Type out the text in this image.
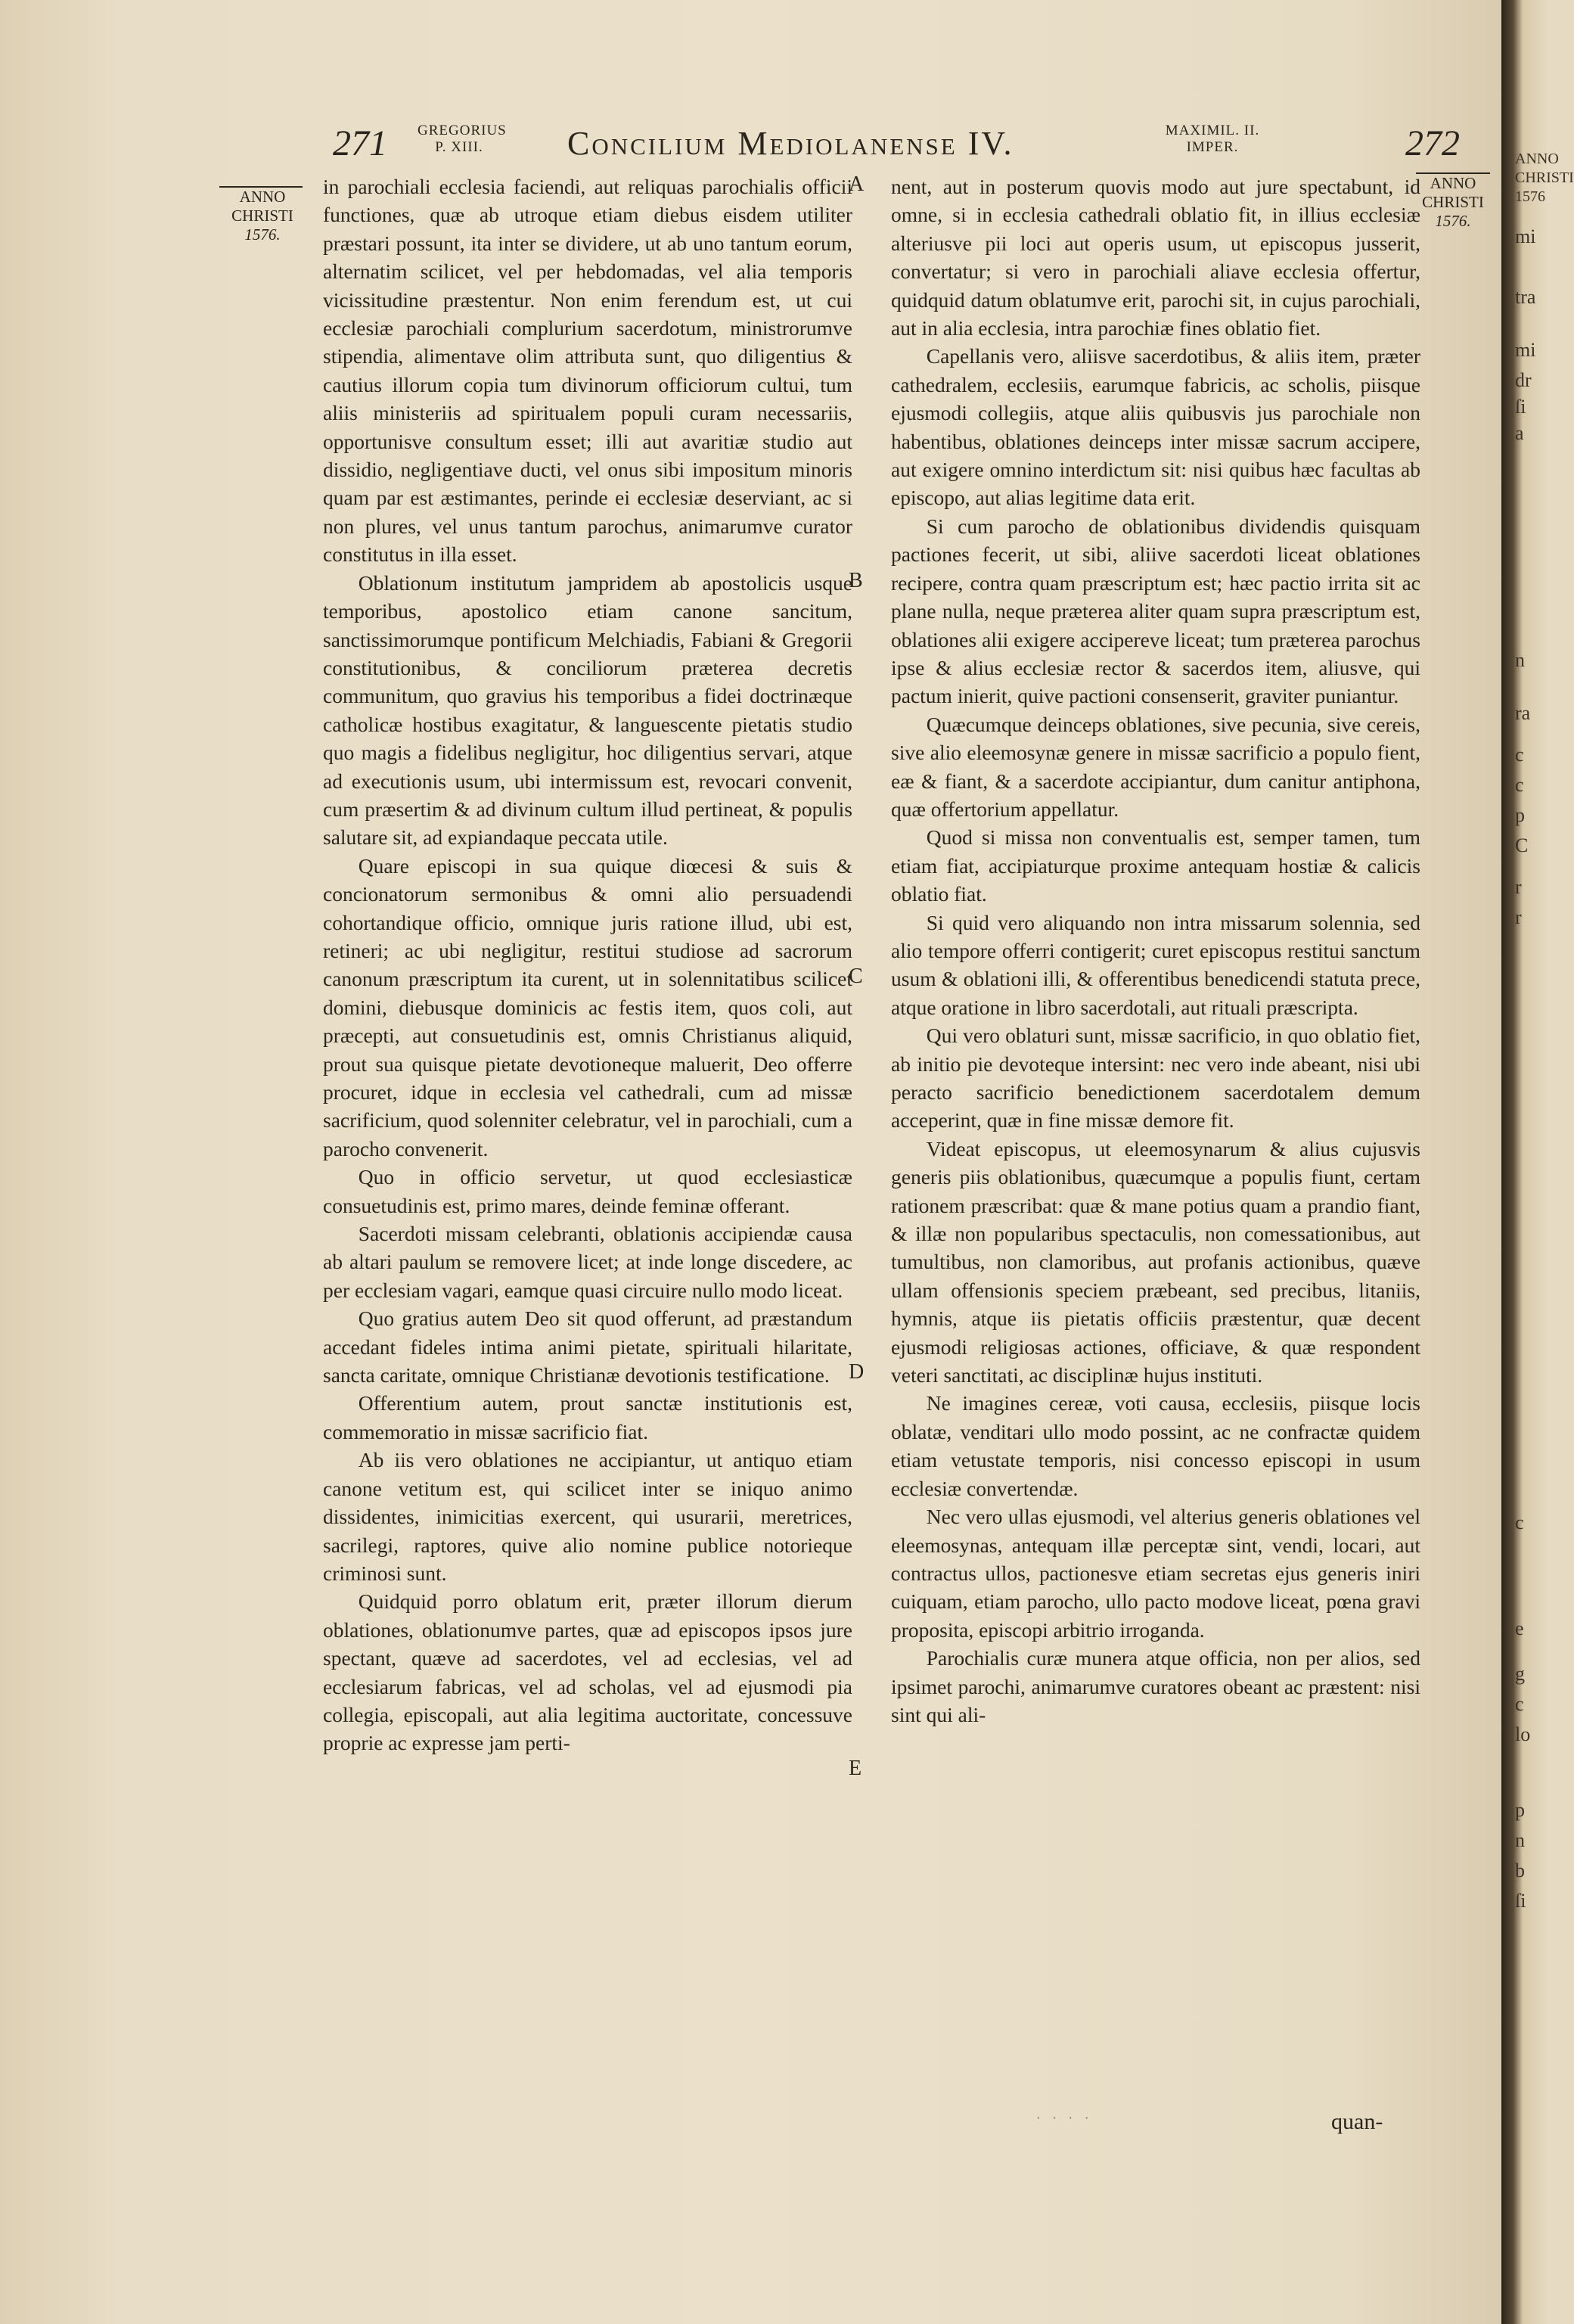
271 GREGORIUS
P. XIII.	Concilium Mediolanense IV.	MAXIMIL. II.
IMPER.	272
ANNO
CHRISTI
1576.
ANNO
CHRISTI
1576.

in parochiali ecclesia faciendi, aut reliquas parochialis officii functiones, quæ ab utroque etiam diebus eisdem utiliter præstari possunt, ita inter se dividere, ut ab uno tantum eorum, alternatim scilicet, vel per hebdomadas, vel alia temporis vicissitudine præstentur. Non enim ferendum est, ut cui ecclesiæ parochiali complurium sacerdotum, ministrorumve stipendia, alimentave olim attributa sunt, quo diligentius & cautius illorum copia tum divinorum officiorum cultui, tum aliis ministeriis ad spiritualem populi curam necessariis, opportunisve consultum esset; illi aut avaritiæ studio aut dissidio, negligentiave ducti, vel onus sibi impositum minoris quam par est æstimantes, perinde ei ecclesiæ deserviant, ac si non plures, vel unus tantum parochus, animarumve curator constitutus in illa esset.

Oblationum institutum jampridem ab apostolicis usque temporibus, apostolico etiam canone sancitum, sanctissimorumque pontificum Melchiadis, Fabiani & Gregorii constitutionibus, & conciliorum præterea decretis communitum, quo gravius his temporibus a fidei doctrinæque catholicæ hostibus exagitatur, & languescente pietatis studio quo magis a fidelibus negligitur, hoc diligentius servari, atque ad executionis usum, ubi intermissum est, revocari convenit, cum præsertim & ad divinum cultum illud pertineat, & populis salutare sit, ad expiandaque peccata utile.

Quare episcopi in sua quique diœcesi & suis & concionatorum sermonibus & omni alio persuadendi cohortandique officio, omnique juris ratione illud, ubi est, retineri; ac ubi negligitur, restitui studiose ad sacrorum canonum præscriptum ita curent, ut in solennitatibus scilicet domini, diebusque dominicis ac festis item, quos coli, aut præcepti, aut consuetudinis est, omnis Christianus aliquid, prout sua quisque pietate devotioneque maluerit, Deo offerre procuret, idque in ecclesia vel cathedrali, cum ad missæ sacrificium, quod solenniter celebratur, vel in parochiali, cum a parocho convenerit.

Quo in officio servetur, ut quod ecclesiasticæ consuetudinis est, primo mares, deinde feminæ offerant.

Sacerdoti missam celebranti, oblationis accipiendæ causa ab altari paulum se removere licet; at inde longe discedere, ac per ecclesiam vagari, eamque quasi circuire nullo modo liceat.

Quo gratius autem Deo sit quod offerunt, ad præstandum accedant fideles intima animi pietate, spirituali hilaritate, sancta caritate, omnique Christianæ devotionis testificatione.

Offerentium autem, prout sanctæ institutionis est, commemoratio in missæ sacrificio fiat.

Ab iis vero oblationes ne accipiantur, ut antiquo etiam canone vetitum est, qui scilicet inter se iniquo animo dissidentes, inimicitias exercent, qui usurarii, meretrices, sacrilegi, raptores, quive alio nomine publice notorieque criminosi sunt.

Quidquid porro oblatum erit, præter illorum dierum oblationes, oblationumve partes, quæ ad episcopos ipsos jure spectant, quæve ad sacerdotes, vel ad ecclesias, vel ad ecclesiarum fabricas, vel ad scholas, vel ad ejusmodi pia collegia, episcopali, aut alia legitima auctoritate, concessuve proprie ac expresse jam perti-

A
B
C
D
E

nent, aut in posterum quovis modo aut jure spectabunt, id omne, si in ecclesia cathedrali oblatio fit, in illius ecclesiæ alteriusve pii loci aut operis usum, ut episcopus jusserit, convertatur; si vero in parochiali aliave ecclesia offertur, quidquid datum oblatumve erit, parochi sit, in cujus parochiali, aut in alia ecclesia, intra parochiæ fines oblatio fiet.

Capellanis vero, aliisve sacerdotibus, & aliis item, præter cathedralem, ecclesiis, earumque fabricis, ac scholis, piisque ejusmodi collegiis, atque aliis quibusvis jus parochiale non habentibus, oblationes deinceps inter missæ sacrum accipere, aut exigere omnino interdictum sit: nisi quibus hæc facultas ab episcopo, aut alias legitime data erit.

Si cum parocho de oblationibus dividendis quisquam pactiones fecerit, ut sibi, aliive sacerdoti liceat oblationes recipere, contra quam præscriptum est; hæc pactio irrita sit ac plane nulla, neque præterea aliter quam supra præscriptum est, oblationes alii exigere accipereve liceat; tum præterea parochus ipse & alius ecclesiæ rector & sacerdos item, aliusve, qui pactum inierit, quive pactioni consenserit, graviter puniantur.

Quæcumque deinceps oblationes, sive pecunia, sive cereis, sive alio eleemosynæ genere in missæ sacrificio a populo fient, eæ & fiant, & a sacerdote accipiantur, dum canitur antiphona, quæ offertorium appellatur.

Quod si missa non conventualis est, semper tamen, tum etiam fiat, accipiaturque proxime antequam hostiæ & calicis oblatio fiat.

Si quid vero aliquando non intra missarum solennia, sed alio tempore offerri contigerit; curet episcopus restitui sanctum usum & oblationi illi, & offerentibus benedicendi statuta prece, atque oratione in libro sacerdotali, aut rituali præscripta.

Qui vero oblaturi sunt, missæ sacrificio, in quo oblatio fiet, ab initio pie devoteque intersint: nec vero inde abeant, nisi ubi peracto sacrificio benedictionem sacerdotalem demum acceperint, quæ in fine missæ demore fit.

Videat episcopus, ut eleemosynarum & alius cujusvis generis piis oblationibus, quæcumque a populis fiunt, certam rationem præscribat: quæ & mane potius quam a prandio fiant, & illæ non popularibus spectaculis, non comessationibus, aut tumultibus, non clamoribus, aut profanis actionibus, quæve ullam offensionis speciem præbeant, sed precibus, litaniis, hymnis, atque iis pietatis officiis præstentur, quæ decent ejusmodi religiosas actiones, officiave, & quæ respondent veteri sanctitati, ac disciplinæ hujus instituti.

Ne imagines cereæ, voti causa, ecclesiis, piisque locis oblatæ, venditari ullo modo possint, ac ne confractæ quidem etiam vetustate temporis, nisi concesso episcopi in usum ecclesiæ convertendæ.

Nec vero ullas ejusmodi, vel alterius generis oblationes vel eleemosynas, antequam illæ perceptæ sint, vendi, locari, aut contractus ullos, pactionesve etiam secretas ejus generis iniri cuiquam, etiam parocho, ullo pacto modove liceat, pœna gravi proposita, episcopi arbitrio irroganda.

Parochialis curæ munera atque officia, non per alios, sed ipsimet parochi, animarumve curatores obeant ac præstent: nisi sint qui ali-

· · · ·	quan-
ANNO
CHRISTI
1576
mi
tra
mi
dr
ſi
a
n
ra
c
c
p
C
r
r
c
e
g
c
lo
p
n
b
ſi
